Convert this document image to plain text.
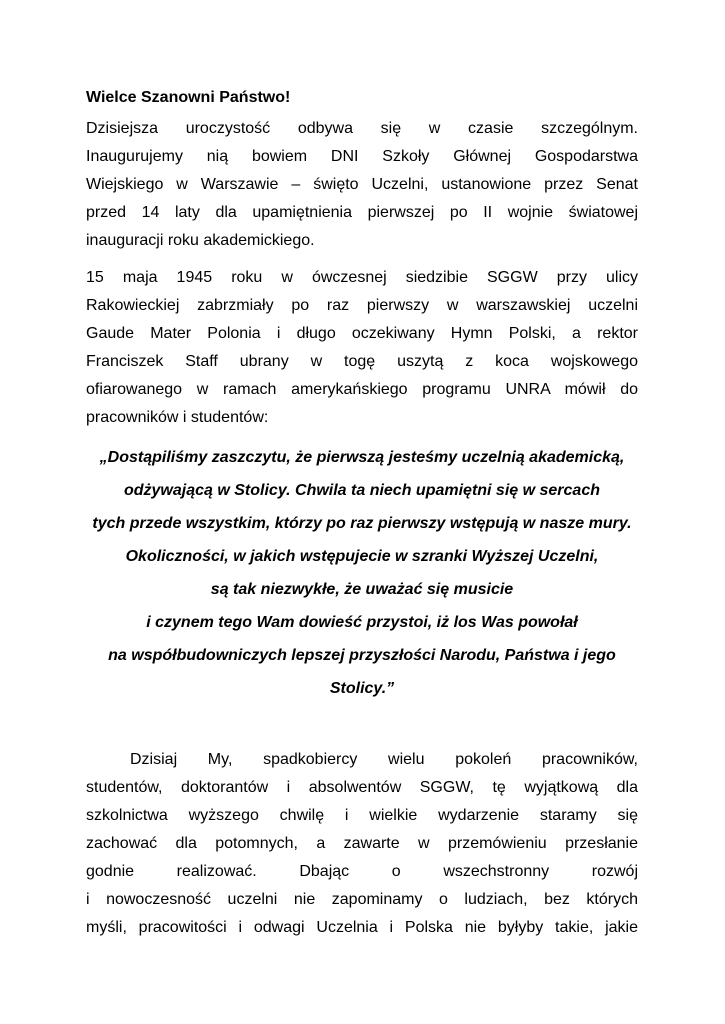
Wielce Szanowni Państwo!
Dzisiejsza uroczystość odbywa się w czasie szczególnym.
Inaugurujemy nią bowiem DNI Szkoły Głównej Gospodarstwa
Wiejskiego w Warszawie – święto Uczelni, ustanowione przez Senat
przed 14 laty dla upamiętnienia pierwszej po II wojnie światowej
inauguracji roku akademickiego.
15 maja 1945 roku w ówczesnej siedzibie SGGW przy ulicy
Rakowieckiej zabrzmiały po raz pierwszy w warszawskiej uczelni
Gaude Mater Polonia i długo oczekiwany Hymn Polski, a rektor
Franciszek Staff ubrany w togę uszytą z koca wojskowego
ofiarowanego w ramach amerykańskiego programu UNRA mówił do
pracowników i studentów:
„Dostąpiliśmy zaszczytu, że pierwszą jesteśmy uczelnią akademicką,
odżywającą w Stolicy. Chwila ta niech upamiętni się w sercach
tych przede wszystkim, którzy po raz pierwszy wstępują w nasze mury.
Okoliczności, w jakich wstępujecie w szranki Wyższej Uczelni,
są tak niezwykłe, że uważać się musicie
i czynem tego Wam dowieść przystoi, iż los Was powołał
na współbudowniczych lepszej przyszłości Narodu, Państwa i jego
Stolicy.”
Dzisiaj My, spadkobiercy wielu pokoleń pracowników,
studentów, doktorantów i absolwentów SGGW, tę wyjątkową dla
szkolnictwa wyższego chwilę i wielkie wydarzenie staramy się
zachować dla potomnych, a zawarte w przemówieniu przesłanie
godnie realizować. Dbając o wszechstronny rozwój
i nowoczesność uczelni nie zapominamy o ludziach, bez których
myśli, pracowitości i odwagi Uczelnia i Polska nie byłyby takie, jakie
